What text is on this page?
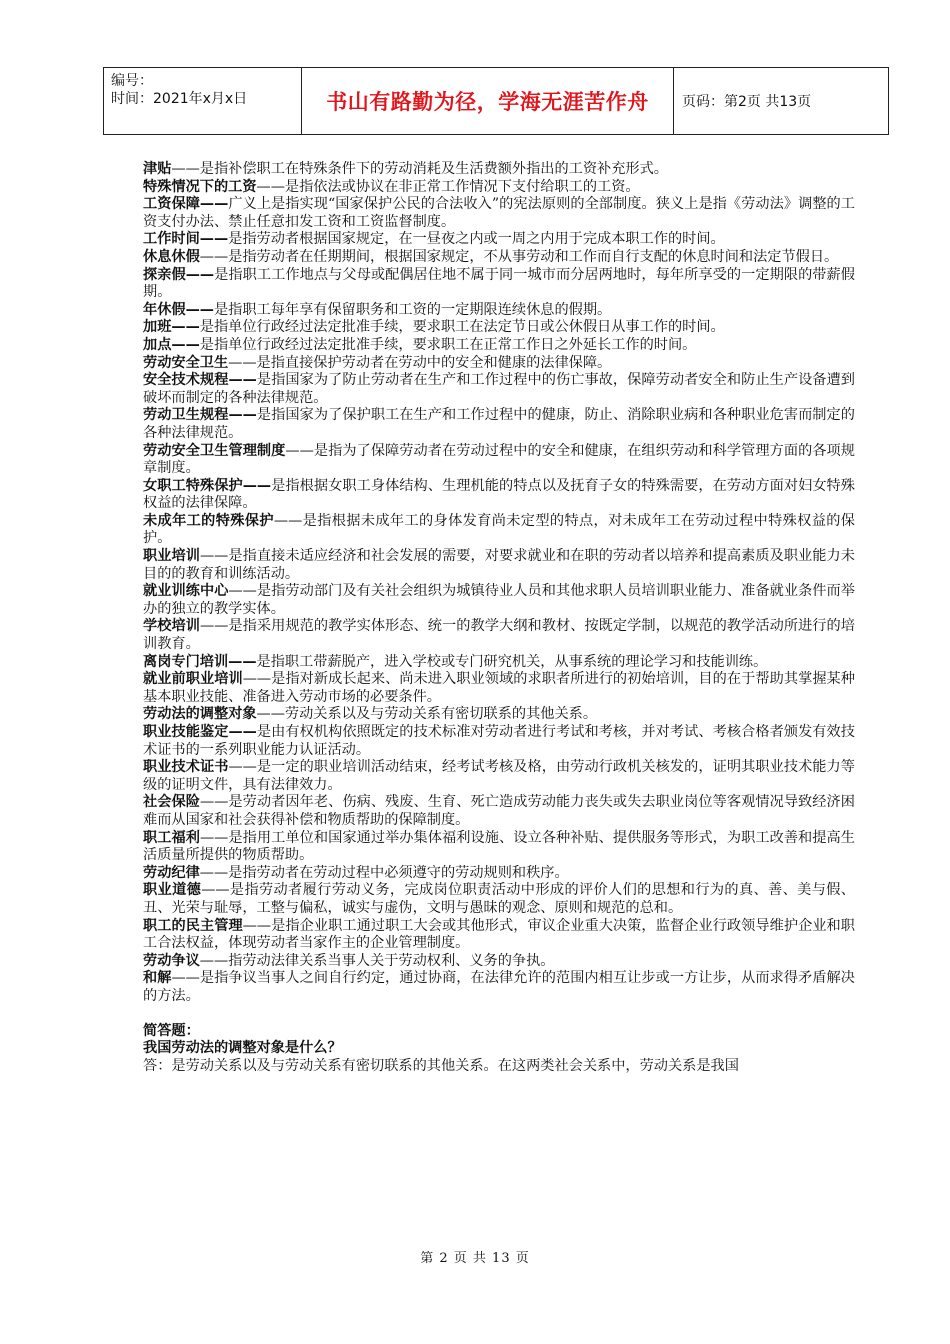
编号：
时间：2021年x月x日	书山有路勤为径，学海无涯苦作舟 页码：第2页 共13页

津贴——是指补偿职工在特殊条件下的劳动消耗及生活费额外指出的工资补充形式。

特殊情况下的工资——是指依法或协议在非正常工作情况下支付给职工的工资。

工资保障——广义上是指实现“国家保护公民的合法收入”的宪法原则的全部制度。狭义上是指《劳动法》调整的工资支付办法、禁止任意扣发工资和工资监督制度。

工作时间——是指劳动者根据国家规定，在一昼夜之内或一周之内用于完成本职工作的时间。

休息休假——是指劳动者在任期期间，根据国家规定，不从事劳动和工作而自行支配的休息时间和法定节假日。

探亲假——是指职工工作地点与父母或配偶居住地不属于同一城市而分居两地时，每年所享受的一定期限的带薪假期。

年休假——是指职工每年享有保留职务和工资的一定期限连续休息的假期。

加班——是指单位行政经过法定批准手续，要求职工在法定节日或公休假日从事工作的时间。

加点——是指单位行政经过法定批准手续，要求职工在正常工作日之外延长工作的时间。

劳动安全卫生——是指直接保护劳动者在劳动中的安全和健康的法律保障。

安全技术规程——是指国家为了防止劳动者在生产和工作过程中的伤亡事故，保障劳动者安全和防止生产设备遭到破坏而制定的各种法律规范。

劳动卫生规程——是指国家为了保护职工在生产和工作过程中的健康，防止、消除职业病和各种职业危害而制定的各种法律规范。

劳动安全卫生管理制度——是指为了保障劳动者在劳动过程中的安全和健康，在组织劳动和科学管理方面的各项规章制度。

女职工特殊保护——是指根据女职工身体结构、生理机能的特点以及抚育子女的特殊需要，在劳动方面对妇女特殊权益的法律保障。

未成年工的特殊保护——是指根据未成年工的身体发育尚未定型的特点，对未成年工在劳动过程中特殊权益的保护。

职业培训——是指直接未适应经济和社会发展的需要，对要求就业和在职的劳动者以培养和提高素质及职业能力未目的的教育和训练活动。

就业训练中心——是指劳动部门及有关社会组织为城镇待业人员和其他求职人员培训职业能力、准备就业条件而举办的独立的教学实体。

学校培训——是指采用规范的教学实体形态、统一的教学大纲和教材、按既定学制，以规范的教学活动所进行的培训教育。

离岗专门培训——是指职工带薪脱产，进入学校或专门研究机关，从事系统的理论学习和技能训练。

就业前职业培训——是指对新成长起来、尚未进入职业领域的求职者所进行的初始培训，目的在于帮助其掌握某种基本职业技能、准备进入劳动市场的必要条件。

劳动法的调整对象——劳动关系以及与劳动关系有密切联系的其他关系。

职业技能鉴定——是由有权机构依照既定的技术标准对劳动者进行考试和考核，并对考试、考核合格者颁发有效技术证书的一系列职业能力认证活动。

职业技术证书——是一定的职业培训活动结束，经考试考核及格，由劳动行政机关核发的，证明其职业技术能力等级的证明文件，具有法律效力。

社会保险——是劳动者因年老、伤病、残废、生育、死亡造成劳动能力丧失或失去职业岗位等客观情况导致经济困难而从国家和社会获得补偿和物质帮助的保障制度。

职工福利——是指用工单位和国家通过举办集体福利设施、设立各种补贴、提供服务等形式，为职工改善和提高生活质量所提供的物质帮助。

劳动纪律——是指劳动者在劳动过程中必须遵守的劳动规则和秩序。

职业道德——是指劳动者履行劳动义务，完成岗位职责活动中形成的评价人们的思想和行为的真、善、美与假、丑、光荣与耻辱，工整与偏私，诚实与虚伪，文明与愚昧的观念、原则和规范的总和。

职工的民主管理——是指企业职工通过职工大会或其他形式，审议企业重大决策，监督企业行政领导维护企业和职工合法权益，体现劳动者当家作主的企业管理制度。

劳动争议——指劳动法律关系当事人关于劳动权利、义务的争执。

和解——是指争议当事人之间自行约定，通过协商，在法律允许的范围内相互让步或一方让步，从而求得矛盾解决的方法。

简答题：

我国劳动法的调整对象是什么？

答：是劳动关系以及与劳动关系有密切联系的其他关系。在这两类社会关系中，劳动关系是我国

第 2 页 共 13 页
